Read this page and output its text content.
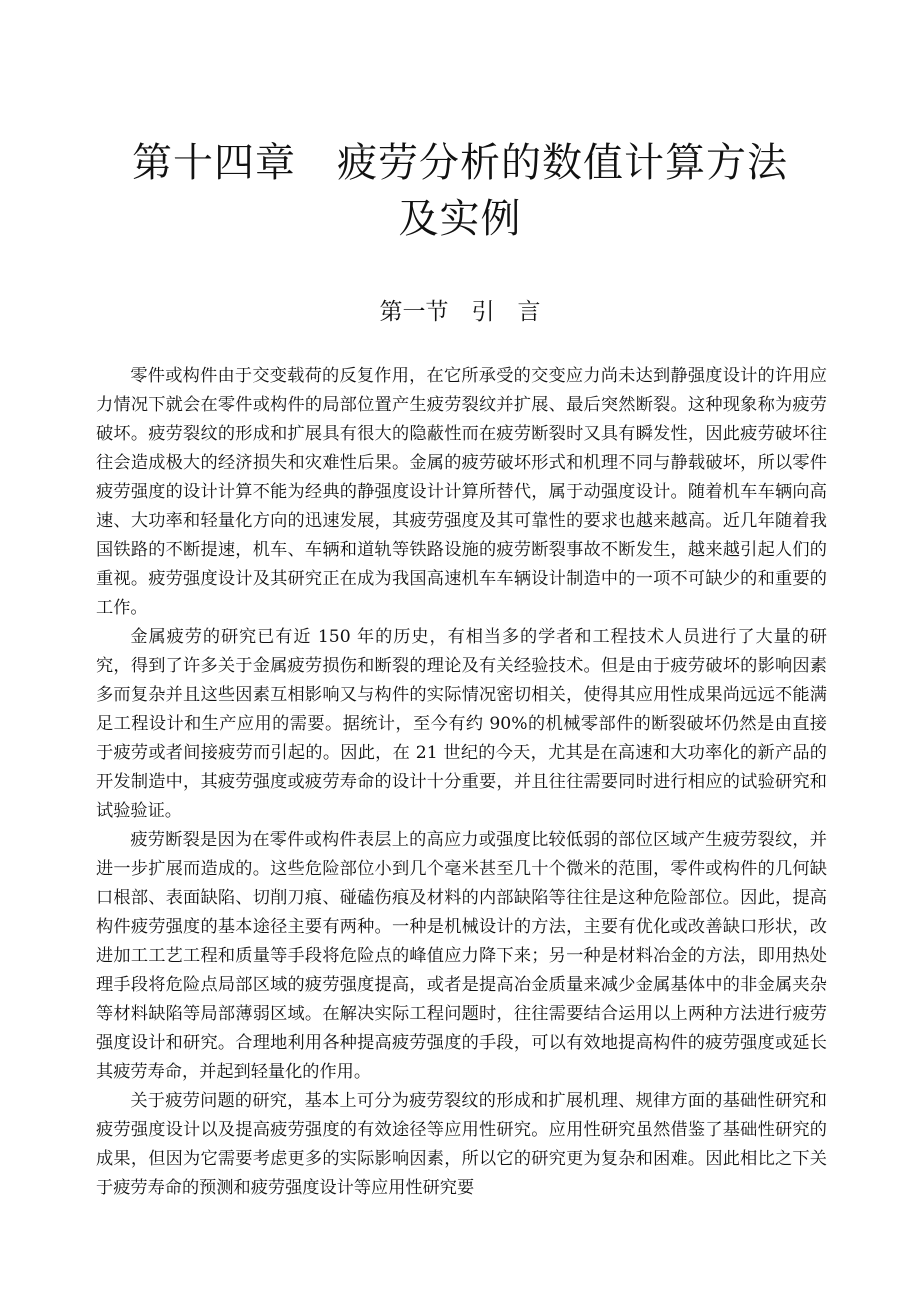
第十四章　疲劳分析的数值计算方法
及实例
第一节　引　言

零件或构件由于交变载荷的反复作用，在它所承受的交变应力尚未达到静强度设计的许用应力情况下就会在零件或构件的局部位置产生疲劳裂纹并扩展、最后突然断裂。这种现象称为疲劳破坏。疲劳裂纹的形成和扩展具有很大的隐蔽性而在疲劳断裂时又具有瞬发性，因此疲劳破坏往往会造成极大的经济损失和灾难性后果。金属的疲劳破坏形式和机理不同与静载破坏，所以零件疲劳强度的设计计算不能为经典的静强度设计计算所替代，属于动强度设计。随着机车车辆向高速、大功率和轻量化方向的迅速发展，其疲劳强度及其可靠性的要求也越来越高。近几年随着我国铁路的不断提速，机车、车辆和道轨等铁路设施的疲劳断裂事故不断发生，越来越引起人们的重视。疲劳强度设计及其研究正在成为我国高速机车车辆设计制造中的一项不可缺少的和重要的工作。

金属疲劳的研究已有近 150 年的历史，有相当多的学者和工程技术人员进行了大量的研究，得到了许多关于金属疲劳损伤和断裂的理论及有关经验技术。但是由于疲劳破坏的影响因素多而复杂并且这些因素互相影响又与构件的实际情况密切相关，使得其应用性成果尚远远不能满足工程设计和生产应用的需要。据统计，至今有约 90%的机械零部件的断裂破坏仍然是由直接于疲劳或者间接疲劳而引起的。因此，在 21 世纪的今天，尤其是在高速和大功率化的新产品的开发制造中，其疲劳强度或疲劳寿命的设计十分重要，并且往往需要同时进行相应的试验研究和试验验证。

疲劳断裂是因为在零件或构件表层上的高应力或强度比较低弱的部位区域产生疲劳裂纹，并进一步扩展而造成的。这些危险部位小到几个毫米甚至几十个微米的范围，零件或构件的几何缺口根部、表面缺陷、切削刀痕、碰磕伤痕及材料的内部缺陷等往往是这种危险部位。因此，提高构件疲劳强度的基本途径主要有两种。一种是机械设计的方法，主要有优化或改善缺口形状，改进加工工艺工程和质量等手段将危险点的峰值应力降下来；另一种是材料冶金的方法，即用热处理手段将危险点局部区域的疲劳强度提高，或者是提高冶金质量来减少金属基体中的非金属夹杂等材料缺陷等局部薄弱区域。在解决实际工程问题时，往往需要结合运用以上两种方法进行疲劳强度设计和研究。合理地利用各种提高疲劳强度的手段，可以有效地提高构件的疲劳强度或延长其疲劳寿命，并起到轻量化的作用。

关于疲劳问题的研究，基本上可分为疲劳裂纹的形成和扩展机理、规律方面的基础性研究和疲劳强度设计以及提高疲劳强度的有效途径等应用性研究。应用性研究虽然借鉴了基础性研究的成果，但因为它需要考虑更多的实际影响因素，所以它的研究更为复杂和困难。因此相比之下关于疲劳寿命的预测和疲劳强度设计等应用性研究要
